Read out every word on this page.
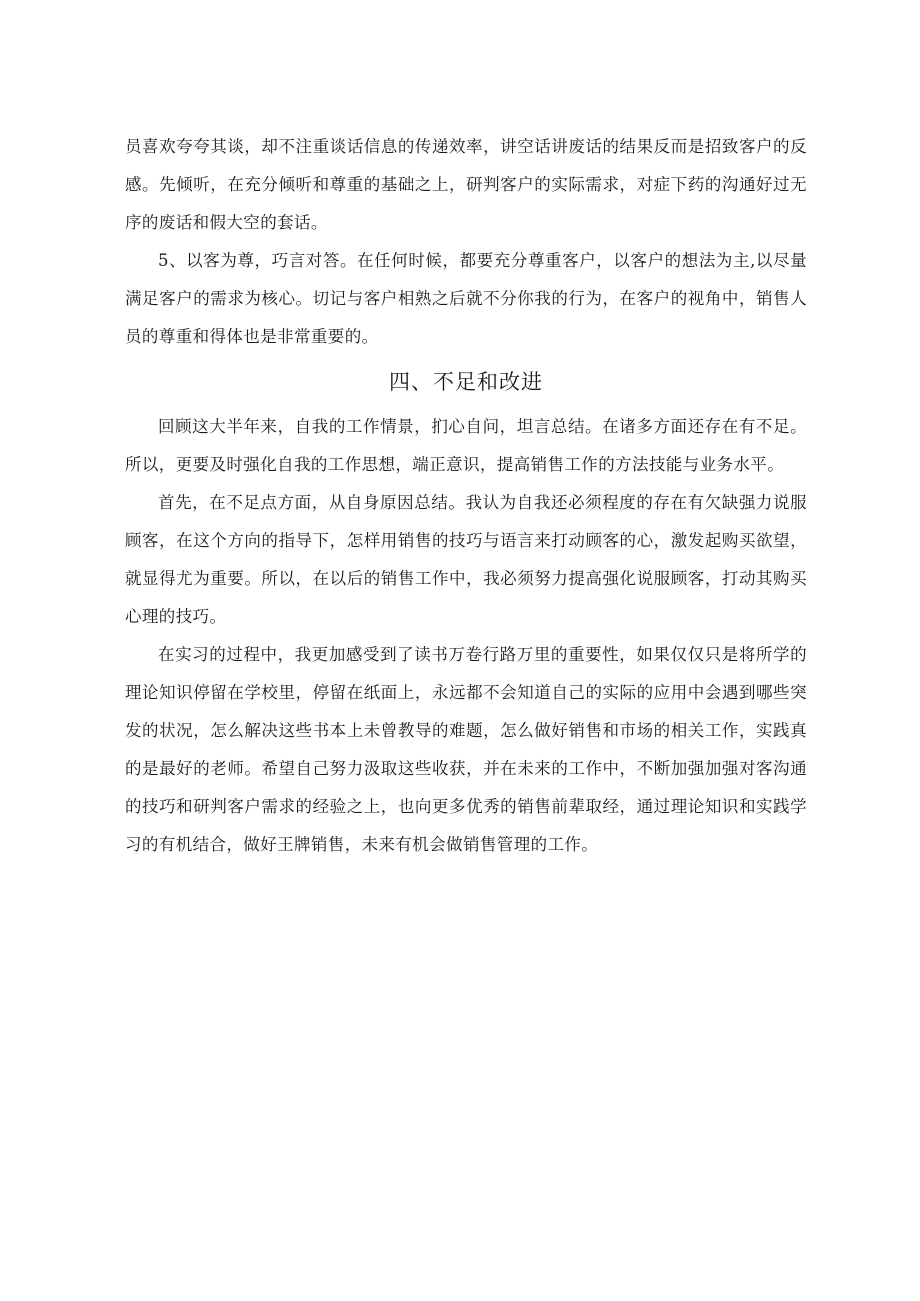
员喜欢夸夸其谈，却不注重谈话信息的传递效率，讲空话讲废话的结果反而是招致客户的反感。先倾听，在充分倾听和尊重的基础之上，研判客户的实际需求，对症下药的沟通好过无序的废话和假大空的套话。

5、以客为尊，巧言对答。在任何时候，都要充分尊重客户，以客户的想法为主,以尽量满足客户的需求为核心。切记与客户相熟之后就不分你我的行为，在客户的视角中，销售人员的尊重和得体也是非常重要的。

四、不足和改进

回顾这大半年来，自我的工作情景，扪心自问，坦言总结。在诸多方面还存在有不足。所以，更要及时强化自我的工作思想，端正意识，提高销售工作的方法技能与业务水平。

首先，在不足点方面，从自身原因总结。我认为自我还必须程度的存在有欠缺强力说服顾客，在这个方向的指导下，怎样用销售的技巧与语言来打动顾客的心，激发起购买欲望，就显得尤为重要。所以，在以后的销售工作中，我必须努力提高强化说服顾客，打动其购买心理的技巧。

在实习的过程中，我更加感受到了读书万卷行路万里的重要性，如果仅仅只是将所学的理论知识停留在学校里，停留在纸面上，永远都不会知道自己的实际的应用中会遇到哪些突发的状况，怎么解决这些书本上未曾教导的难题，怎么做好销售和市场的相关工作，实践真的是最好的老师。希望自己努力汲取这些收获，并在未来的工作中，不断加强加强对客沟通的技巧和研判客户需求的经验之上，也向更多优秀的销售前辈取经，通过理论知识和实践学习的有机结合，做好王牌销售，未来有机会做销售管理的工作。
